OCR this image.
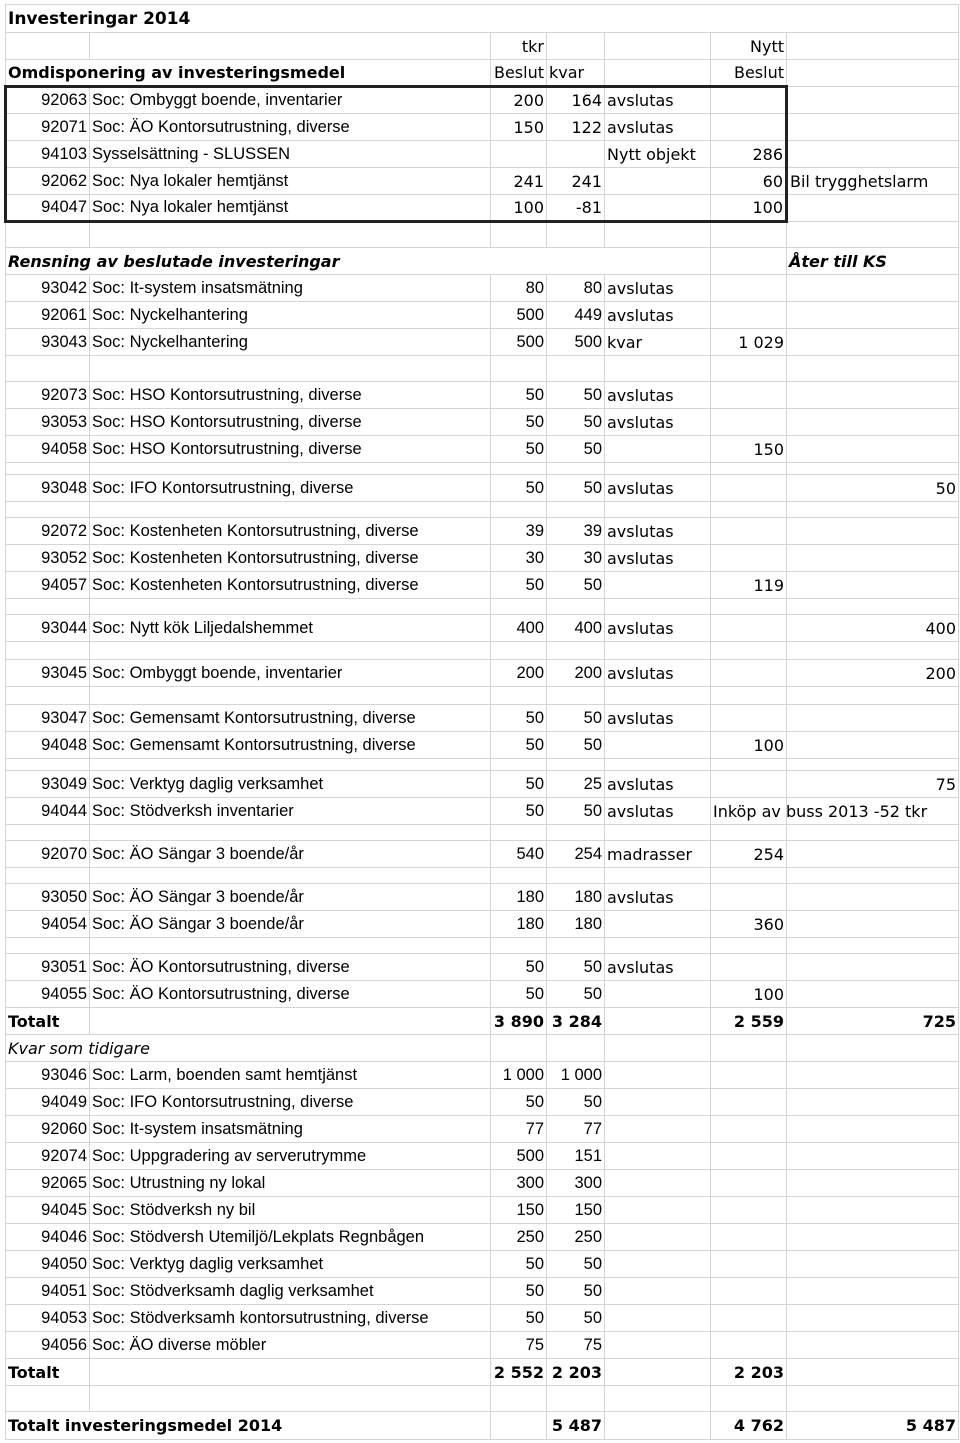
Investeringar 2014						
		tkr			Nytt	
Omdisponering av investeringsmedel		Beslut	kvar		Beslut	
92063	Soc: Ombyggt boende, inventarier	200	164	avslutas		
92071	Soc: ÄO Kontorsutrustning, diverse	150	122	avslutas		
94103	Sysselsättning - SLUSSEN			Nytt objekt	286	
92062	Soc: Nya lokaler hemtjänst	241	241		60	Bil trygghetslarm
94047	Soc: Nya lokaler hemtjänst	100	-81		100	

Rensning av beslutade investeringar						Åter till KS
93042	Soc: It-system insatsmätning	80	80	avslutas		
92061	Soc: Nyckelhantering	500	449	avslutas		
93043	Soc: Nyckelhantering	500	500	kvar	1 029	

92073	Soc: HSO Kontorsutrustning, diverse	50	50	avslutas		
93053	Soc: HSO Kontorsutrustning, diverse	50	50	avslutas		
94058	Soc: HSO Kontorsutrustning, diverse	50	50		150	

93048	Soc: IFO Kontorsutrustning, diverse	50	50	avslutas		50

92072	Soc: Kostenheten Kontorsutrustning, diverse	39	39	avslutas		
93052	Soc: Kostenheten Kontorsutrustning, diverse	30	30	avslutas		
94057	Soc: Kostenheten Kontorsutrustning, diverse	50	50		119	

93044	Soc: Nytt kök Liljedalshemmet	400	400	avslutas		400

93045	Soc: Ombyggt boende, inventarier	200	200	avslutas		200

93047	Soc: Gemensamt Kontorsutrustning, diverse	50	50	avslutas		
94048	Soc: Gemensamt Kontorsutrustning, diverse	50	50		100	

93049	Soc: Verktyg daglig verksamhet	50	25	avslutas		75
94044	Soc: Stödverksh inventarier	50	50	avslutas	Inköp av buss 2013 -52 tkr	

92070	Soc: ÄO Sängar 3 boende/år	540	254	madrasser	254	

93050	Soc: ÄO Sängar 3 boende/år	180	180	avslutas		
94054	Soc: ÄO Sängar 3 boende/år	180	180		360	

93051	Soc: ÄO Kontorsutrustning, diverse	50	50	avslutas		
94055	Soc: ÄO Kontorsutrustning, diverse	50	50		100	
Totalt		3 890	3 284		2 559	725
Kvar som tidigare						
93046	Soc: Larm, boenden samt hemtjänst	1 000	1 000			
94049	Soc: IFO Kontorsutrustning, diverse	50	50			
92060	Soc: It-system insatsmätning	77	77			
92074	Soc: Uppgradering av serverutrymme	500	151			
92065	Soc: Utrustning ny lokal	300	300			
94045	Soc: Stödverksh ny bil	150	150			
94046	Soc: Stödversh Utemiljö/Lekplats Regnbågen	250	250			
94050	Soc: Verktyg daglig verksamhet	50	50			
94051	Soc: Stödverksamh daglig verksamhet	50	50			
94053	Soc: Stödverksamh kontorsutrustning, diverse	50	50			
94056	Soc: ÄO diverse möbler	75	75			
Totalt		2 552	2 203		2 203	

Totalt investeringsmedel 2014			5 487		4 762	5 487
